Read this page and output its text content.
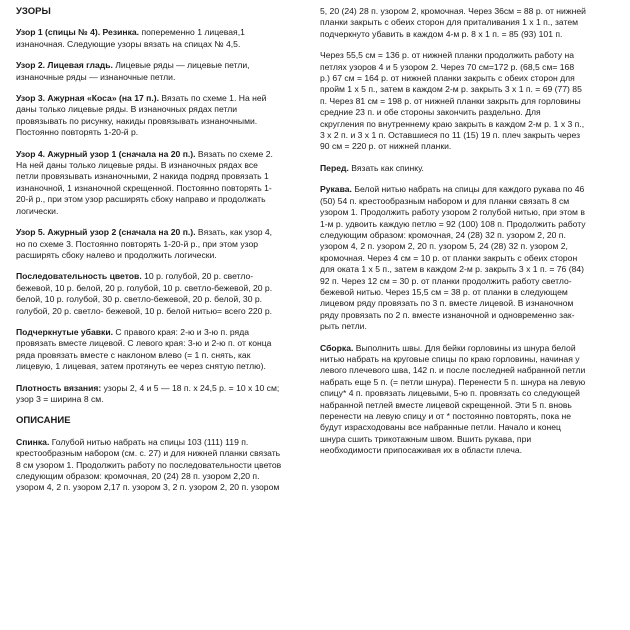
УЗОРЫ
Узор 1 (спицы № 4). Резинка. попеременно 1 лицевая,1
изнаночная. Следующие узоры вязать на спицах № 4,5.
Узор 2. Лицевая гладь. Лицевые ряды — лицевые петли,
изнаночные ряды — изнаночные петли.
Узор 3. Ажурная «Коса» (на 17 п.). Вязать по схеме 1. На ней
даны только лицевые ряды. В изнаночных рядах петли
провязывать по рисунку, накиды провязывать изнаночными.
Постоянно повторять 1-20-й р.
Узор 4. Ажурный узор 1 (сначала на 20 п.). Вязать по схеме 2.
На ней даны только лицевые ряды. В изнаночных рядах все
петли провязывать изнаночными, 2 накида подряд провязать 1
изнаночной, 1 изнаночной скрещенной. Постоянно повторять 1-
20-й р., при этом узор расширять сбоку направо и продолжать
логически.
Узор 5. Ажурный узор 2 (сначала на 20 п.). Вязать, как узор 4,
но по схеме 3. Постоянно повторять 1-20-й р., при этом узор
расширять сбоку налево и продолжить логически.
Последовательность цветов. 10 р. голубой, 20 р. светло-
бежевой, 10 р. белой, 20 р. голубой, 10 р. светло-бежевой, 20 р.
белой, 10 р. голубой, 30 р. светло-бежевой, 20 р. белой, 30 р.
голубой, 20 р. светло- бежевой, 10 р. белой нитью= всего 220 р.
Подчеркнутые убавки. С правого края: 2-ю и 3-ю п. ряда
провязать вместе лицевой. С левого края: 3-ю и 2-ю п. от конца
ряда провязать вместе с наклоном влево (= 1 п. снять, как
лицевую, 1 лицевая, затем протянуть ее через снятую петлю).
Плотность вязания: узоры 2, 4 и 5 — 18 п. х 24,5 р. = 10 х 10 см;
узор 3 = ширина 8 см.
ОПИСАНИЕ
Спинка. Голубой нитью набрать на спицы 103 (111) 119 п.
крестообразным набором (см. с. 27) и для нижней планки связать
8 см узором 1. Продолжить работу по последовательности цветов
следующим образом: кромочная, 20 (24) 28 п. узором 2,20 п.
узором 4, 2 п. узором 2,17 п. узором 3, 2 п. узором 2, 20 п. узором
5, 20 (24) 28 п. узором 2, кромочная. Через 36см = 88 р. от нижней
планки закрыть с обеих сторон для приталивания 1 х 1 п., затем
подчеркнуто убавить в каждом 4-м р. 8 х 1 п. = 85 (93) 101 п.
Через 55,5 см = 136 р. от нижней планки продолжить работу на
петлях узоров 4 и 5 узором 2. Через 70 см=172 р. (68,5 см= 168
р.) 67 см = 164 р. от нижней планки закрыть с обеих сторон для
пройм 1 х 5 п., затем в каждом 2-м р. закрыть 3 х 1 п. = 69 (77) 85
п. Через 81 см = 198 р. от нижней планки закрыть для горловины
средние 23 п. и обе стороны закончить раздельно. Для
скругления по внутреннему краю закрыть в каждом 2-м р. 1 х 3 п.,
3 х 2 п. и 3 х 1 п. Оставшиеся по 11 (15) 19 п. плеч закрыть через
90 см = 220 р. от нижней планки.
Перед. Вязать как спинку.
Рукава. Белой нитью набрать на спицы для каждого рукава по 46
(50) 54 п. крестообразным набором и для планки связать 8 см
узором 1. Продолжить работу узором 2 голубой нитью, при этом в
1-м р. удвоить каждую петлю = 92 (100) 108 п. Продолжить работу
следующим образом: кромочная, 24 (28) 32 п. узором 2, 20 п.
узором 4, 2 п. узором 2, 20 п. узором 5, 24 (28) 32 п. узором 2,
кромочная. Через 4 см = 10 р. от планки закрыть с обеих сторон
для оката 1 х 5 п., затем в каждом 2-м р. закрыть 3 х 1 п. = 76 (84)
92 п. Через 12 см = 30 р. от планки продолжить работу светло-
бежевой нитью. Через 15,5 см = 38 р. от планки в следующем
лицевом ряду провязать по 3 п. вместе лицевой. В изнаночном
ряду провязать по 2 п. вместе изнаночной и одновременно зак-
рыть петли.
Сборка. Выполнить швы. Для бейки горловины из шнура белой
нитью набрать на круговые спицы по краю горловины, начиная у
левого плечевого шва, 142 п. и после последней набранной петли
набрать еще 5 п. (= петли шнура). Перенести 5 п. шнура на левую
спицу* 4 п. провязать лицевыми, 5-ю п. провязать со следующей
набранной петлей вместе лицевой скрещенной. Эти 5 п. вновь
перенести на левую спицу и от * постоянно повторять, пока не
будут израсходованы все набранные петли. Начало и конец
шнура сшить трикотажным швом. Вшить рукава, при
необходимости припосаживая их в области плеча.
